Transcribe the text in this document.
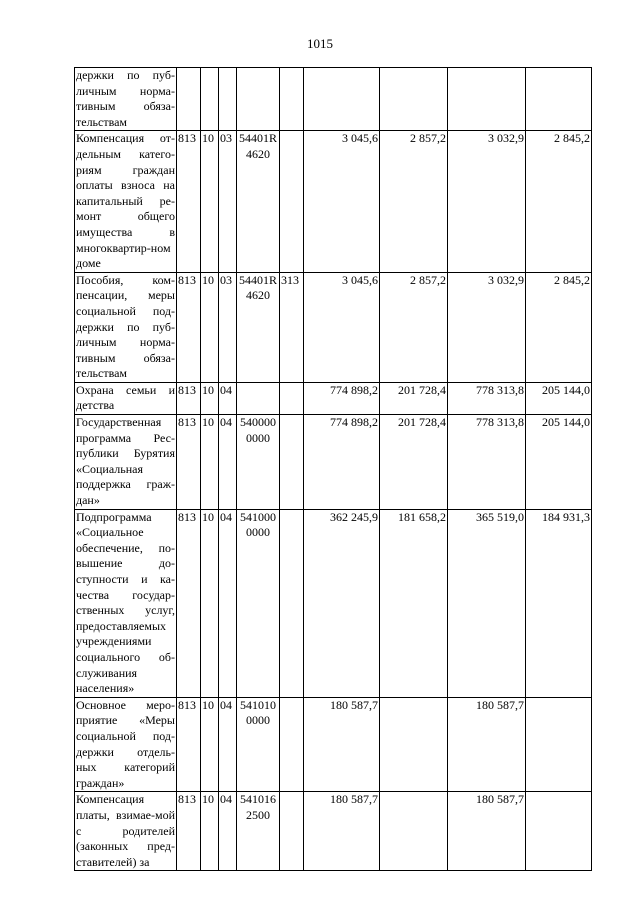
1015
держки по пуб-личным норма-тивным обяза-тельствам									
Компенсация от-дельным катего-риям граждан оплаты взноса на капитальный ре-монт общего имущества в многоквартир-ном доме	813	10	03	54401R 4620		3 045,6	2 857,2	3 032,9	2 845,2
Пособия, ком-пенсации, меры социальной под-держки по пуб-личным норма-тивным обяза-тельствам	813	10	03	54401R 4620	313	3 045,6	2 857,2	3 032,9	2 845,2
Охрана семьи и детства	813	10	04			774 898,2	201 728,4	778 313,8	205 144,0
Государственная программа Рес-публики Бурятия «Социальная поддержка граж-дан»	813	10	04	540000 0000		774 898,2	201 728,4	778 313,8	205 144,0
Подпрограмма «Социальное обеспечение, по-вышение до-ступности и ка-чества государ-ственных услуг, предоставляемых учреждениями социального об-служивания населения»	813	10	04	541000 0000		362 245,9	181 658,2	365 519,0	184 931,3
Основное меро-приятие «Меры социальной под-держки отдель-ных категорий граждан»	813	10	04	541010 0000		180 587,7		180 587,7	
Компенсация платы, взимае-мой с родителей (законных пред-ставителей) за	813	10	04	541016 2500		180 587,7		180 587,7	
